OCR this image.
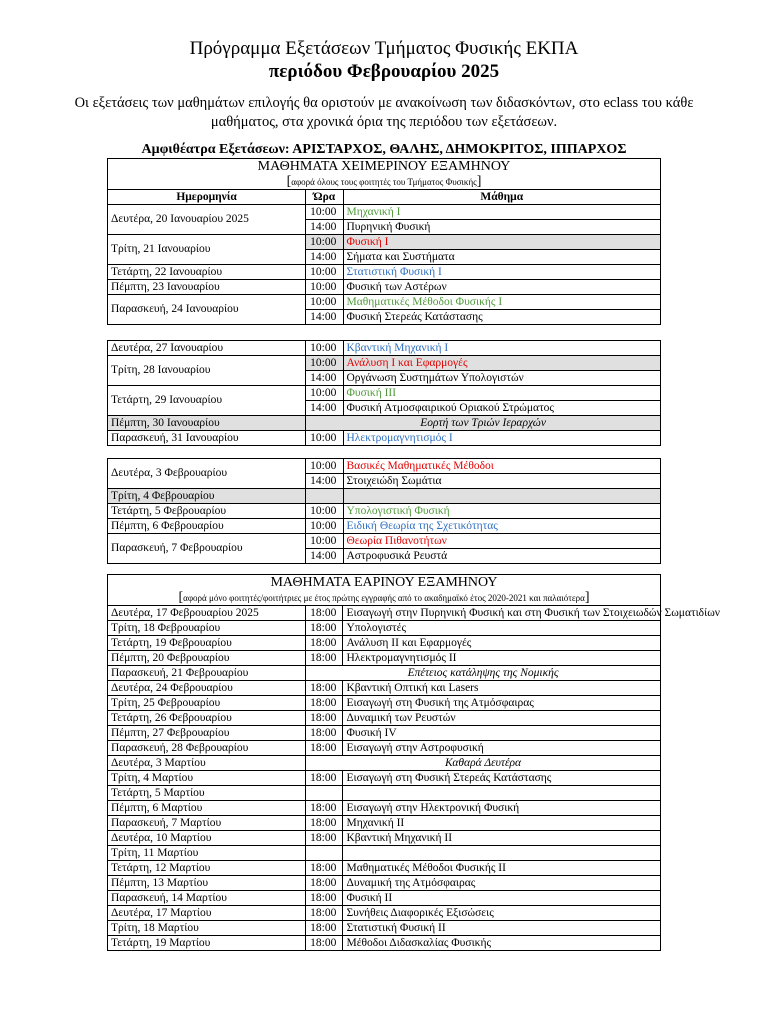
Πρόγραμμα Εξετάσεων Τμήματος Φυσικής ΕΚΠΑ
περιόδου Φεβρουαρίου 2025
Οι εξετάσεις των μαθημάτων επιλογής θα οριστούν με ανακοίνωση των διδασκόντων, στο eclass του κάθε μαθήματος, στα χρονικά όρια της περιόδου των εξετάσεων.
Αμφιθέατρα Εξετάσεων: ΑΡΙΣΤΑΡΧΟΣ, ΘΑΛΗΣ, ΔΗΜΟΚΡΙΤΟΣ, ΙΠΠΑΡΧΟΣ
ΜΑΘΗΜΑΤΑ ΧΕΙΜΕΡΙΝΟΥ ΕΞΑΜΗΝΟΥ		
[αφορά όλους τους φοιτητές του Τμήματος Φυσικής]		
Ημερομηνία	Ώρα	Μάθημα
Δευτέρα, 20 Ιανουαρίου 2025	10:00	Μηχανική Ι
	14:00	Πυρηνική Φυσική
Τρίτη, 21 Ιανουαρίου	10:00	Φυσική Ι
	14:00	Σήματα και Συστήματα
Τετάρτη, 22 Ιανουαρίου	10:00	Στατιστική Φυσική Ι
Πέμπτη, 23 Ιανουαρίου	10:00	Φυσική των Αστέρων
Παρασκευή, 24 Ιανουαρίου	10:00	Μαθηματικές Μέθοδοι Φυσικής Ι
	14:00	Φυσική Στερεάς Κατάστασης
Δευτέρα, 27 Ιανουαρίου	10:00	Κβαντική Μηχανική Ι
Τρίτη, 28 Ιανουαρίου	10:00	Ανάλυση Ι και Εφαρμογές
	14:00	Οργάνωση Συστημάτων Υπολογιστών
Τετάρτη, 29 Ιανουαρίου	10:00	Φυσική ΙΙΙ
	14:00	Φυσική Ατμοσφαιρικού Οριακού Στρώματος
Πέμπτη, 30 Ιανουαρίου	Εορτή των Τριών Ιεραρχών	
Παρασκευή, 31 Ιανουαρίου	10:00	Ηλεκτρομαγνητισμός Ι
Δευτέρα, 3 Φεβρουαρίου	10:00	Βασικές Μαθηματικές Μέθοδοι
	14:00	Στοιχειώδη Σωμάτια
Τρίτη, 4 Φεβρουαρίου		
Τετάρτη, 5 Φεβρουαρίου	10:00	Υπολογιστική Φυσική
Πέμπτη, 6 Φεβρουαρίου	10:00	Ειδική Θεωρία της Σχετικότητας
Παρασκευή, 7 Φεβρουαρίου	10:00	Θεωρία Πιθανοτήτων
	14:00	Αστροφυσικά Ρευστά
ΜΑΘΗΜΑΤΑ ΕΑΡΙΝΟΥ ΕΞΑΜΗΝΟΥ		
[αφορά μόνο φοιτητές/φοιτήτριες με έτος πρώτης εγγραφής από το ακαδημαϊκό έτος 2020-2021 και παλαιότερα]		
Δευτέρα, 17 Φεβρουαρίου 2025	18:00	Εισαγωγή στην Πυρηνική Φυσική και στη Φυσική των Στοιχειωδών Σωματιδίων
Τρίτη, 18 Φεβρουαρίου	18:00	Υπολογιστές
Τετάρτη, 19 Φεβρουαρίου	18:00	Ανάλυση ΙΙ και Εφαρμογές
Πέμπτη, 20 Φεβρουαρίου	18:00	Ηλεκτρομαγνητισμός ΙΙ
Παρασκευή, 21 Φεβρουαρίου	Επέτειος κατάληψης της Νομικής	
Δευτέρα, 24 Φεβρουαρίου	18:00	Κβαντική Οπτική και Lasers
Τρίτη, 25 Φεβρουαρίου	18:00	Εισαγωγή στη Φυσική της Ατμόσφαιρας
Τετάρτη, 26 Φεβρουαρίου	18:00	Δυναμική των Ρευστών
Πέμπτη, 27 Φεβρουαρίου	18:00	Φυσική ΙV
Παρασκευή, 28 Φεβρουαρίου	18:00	Εισαγωγή στην Αστροφυσική
Δευτέρα, 3 Μαρτίου	Καθαρά Δευτέρα	
Τρίτη, 4 Μαρτίου	18:00	Εισαγωγή στη Φυσική Στερεάς Κατάστασης
Τετάρτη, 5 Μαρτίου		
Πέμπτη, 6 Μαρτίου	18:00	Εισαγωγή στην Ηλεκτρονική Φυσική
Παρασκευή, 7 Μαρτίου	18:00	Μηχανική ΙΙ
Δευτέρα, 10 Μαρτίου	18:00	Κβαντική Μηχανική ΙΙ
Τρίτη, 11 Μαρτίου		
Τετάρτη, 12 Μαρτίου	18:00	Μαθηματικές Μέθοδοι Φυσικής ΙΙ
Πέμπτη, 13 Μαρτίου	18:00	Δυναμική της Ατμόσφαιρας
Παρασκευή, 14 Μαρτίου	18:00	Φυσική ΙΙ
Δευτέρα, 17 Μαρτίου	18:00	Συνήθεις Διαφορικές Εξισώσεις
Τρίτη, 18 Μαρτίου	18:00	Στατιστική Φυσική ΙΙ
Τετάρτη, 19 Μαρτίου	18:00	Μέθοδοι Διδασκαλίας Φυσικής
